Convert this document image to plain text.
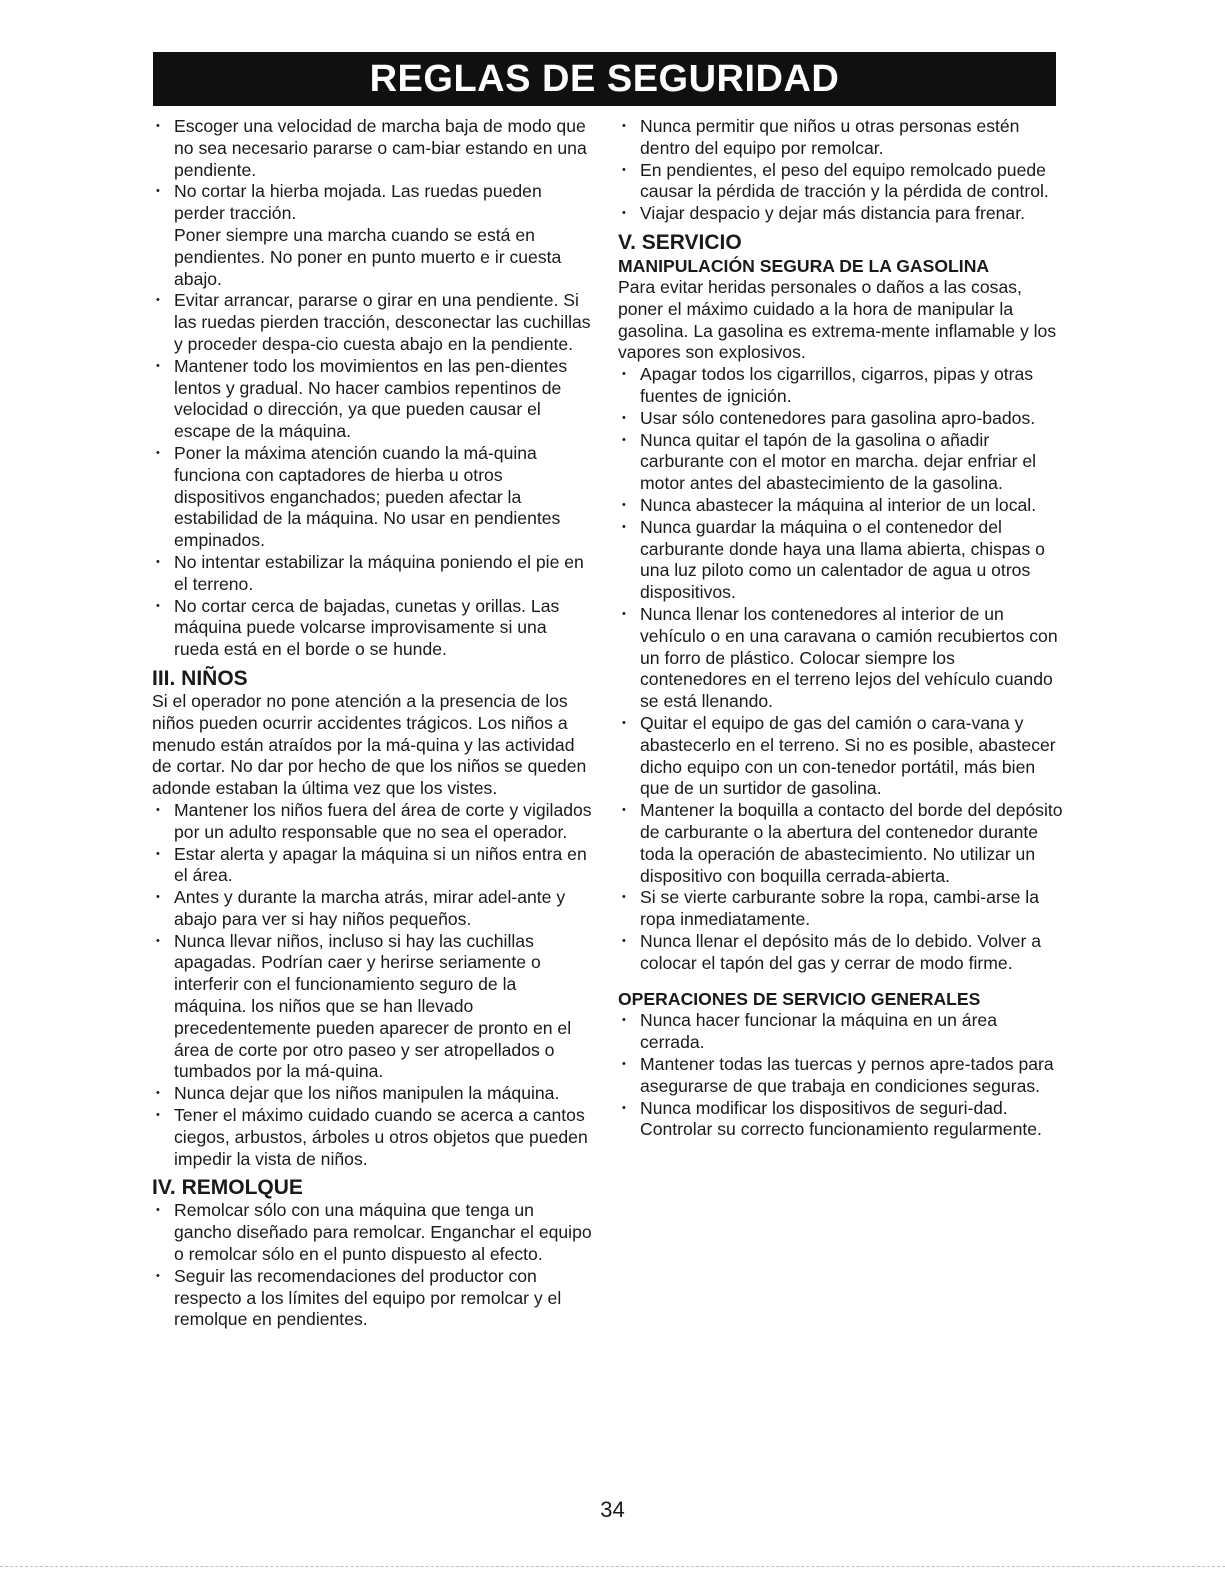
REGLAS DE SEGURIDAD
• Escoger una velocidad de marcha baja de modo que no sea necesario pararse o cam-biar estando en una pendiente.
• No cortar la hierba mojada. Las ruedas pueden perder tracción.

Poner siempre una marcha cuando se está en pendientes. No poner en punto muerto e ir cuesta abajo.

• Evitar arrancar, pararse o girar en una pendiente. Si las ruedas pierden tracción, desconectar las cuchillas y proceder despa-cio cuesta abajo en la pendiente.
• Mantener todo los movimientos en las pen-dientes lentos y gradual. No hacer cambios repentinos de velocidad o dirección, ya que pueden causar el escape de la máquina.
• Poner la máxima atención cuando la má-quina funciona con captadores de hierba u otros dispositivos enganchados; pueden afectar la estabilidad de la máquina. No usar en pendientes empinados.
• No intentar estabilizar la máquina poniendo el pie en el terreno.
• No cortar cerca de bajadas, cunetas y orillas. Las máquina puede volcarse improvisamente si una rueda está en el borde o se hunde.
III. NIÑOS

Si el operador no pone atención a la presencia de los niños pueden ocurrir accidentes trágicos. Los niños a menudo están atraídos por la má-quina y las actividad de cortar. No dar por hecho de que los niños se queden adonde estaban la última vez que los vistes.

• Mantener los niños fuera del área de corte y vigilados por un adulto responsable que no sea el operador.
• Estar alerta y apagar la máquina si un niños entra en el área.
• Antes y durante la marcha atrás, mirar adel-ante y abajo para ver si hay niños pequeños.
• Nunca llevar niños, incluso si hay las cuchillas apagadas. Podrían caer y herirse seriamente o interferir con el funcionamiento seguro de la máquina. los niños que se han llevado precedentemente pueden aparecer de pronto en el área de corte por otro paseo y ser atropellados o tumbados por la má-quina.
• Nunca dejar que los niños manipulen la máquina.
• Tener el máximo cuidado cuando se acerca a cantos ciegos, arbustos, árboles u otros objetos que pueden impedir la vista de niños.
IV. REMOLQUE
• Remolcar sólo con una máquina que tenga un gancho diseñado para remolcar. Enganchar el equipo o remolcar sólo en el punto dispuesto al efecto.
• Seguir las recomendaciones del productor con respecto a los límites del equipo por remolcar y el remolque en pendientes.
• Nunca permitir que niños u otras personas estén dentro del equipo por remolcar.
• En pendientes, el peso del equipo remolcado puede causar la pérdida de tracción y la pérdida de control.
• Viajar despacio y dejar más distancia para frenar.
V. SERVICIO
MANIPULACIÓN SEGURA DE LA GASOLINA

Para evitar heridas personales o daños a las cosas, poner el máximo cuidado a la hora de manipular la gasolina. La gasolina es extrema-mente inflamable y los vapores son explosivos.

• Apagar todos los cigarrillos, cigarros, pipas y otras fuentes de ignición.
• Usar sólo contenedores para gasolina apro-bados.
• Nunca quitar el tapón de la gasolina o añadir carburante con el motor en marcha. dejar enfriar el motor antes del abastecimiento de la gasolina.
• Nunca abastecer la máquina al interior de un local.
• Nunca guardar la máquina o el contenedor del carburante donde haya una llama abierta, chispas o una luz piloto como un calentador de agua u otros dispositivos.
• Nunca llenar los contenedores al interior de un vehículo o en una caravana o camión recubiertos con un forro de plástico. Colocar siempre los contenedores en el terreno lejos del vehículo cuando se está llenando.
• Quitar el equipo de gas del camión o cara-vana y abastecerlo en el terreno. Si no es posible, abastecer dicho equipo con un con-tenedor portátil, más bien que de un surtidor de gasolina.
• Mantener la boquilla a contacto del borde del depósito de carburante o la abertura del contenedor durante toda la operación de abastecimiento. No utilizar un dispositivo con boquilla cerrada-abierta.
• Si se vierte carburante sobre la ropa, cambi-arse la ropa inmediatamente.
• Nunca llenar el depósito más de lo debido. Volver a colocar el tapón del gas y cerrar de modo firme.
OPERACIONES DE SERVICIO GENERALES
• Nunca hacer funcionar la máquina en un área cerrada.
• Mantener todas las tuercas y pernos apre-tados para asegurarse de que trabaja en condiciones seguras.
• Nunca modificar los dispositivos de seguri-dad. Controlar su correcto funcionamiento regularmente.
34
